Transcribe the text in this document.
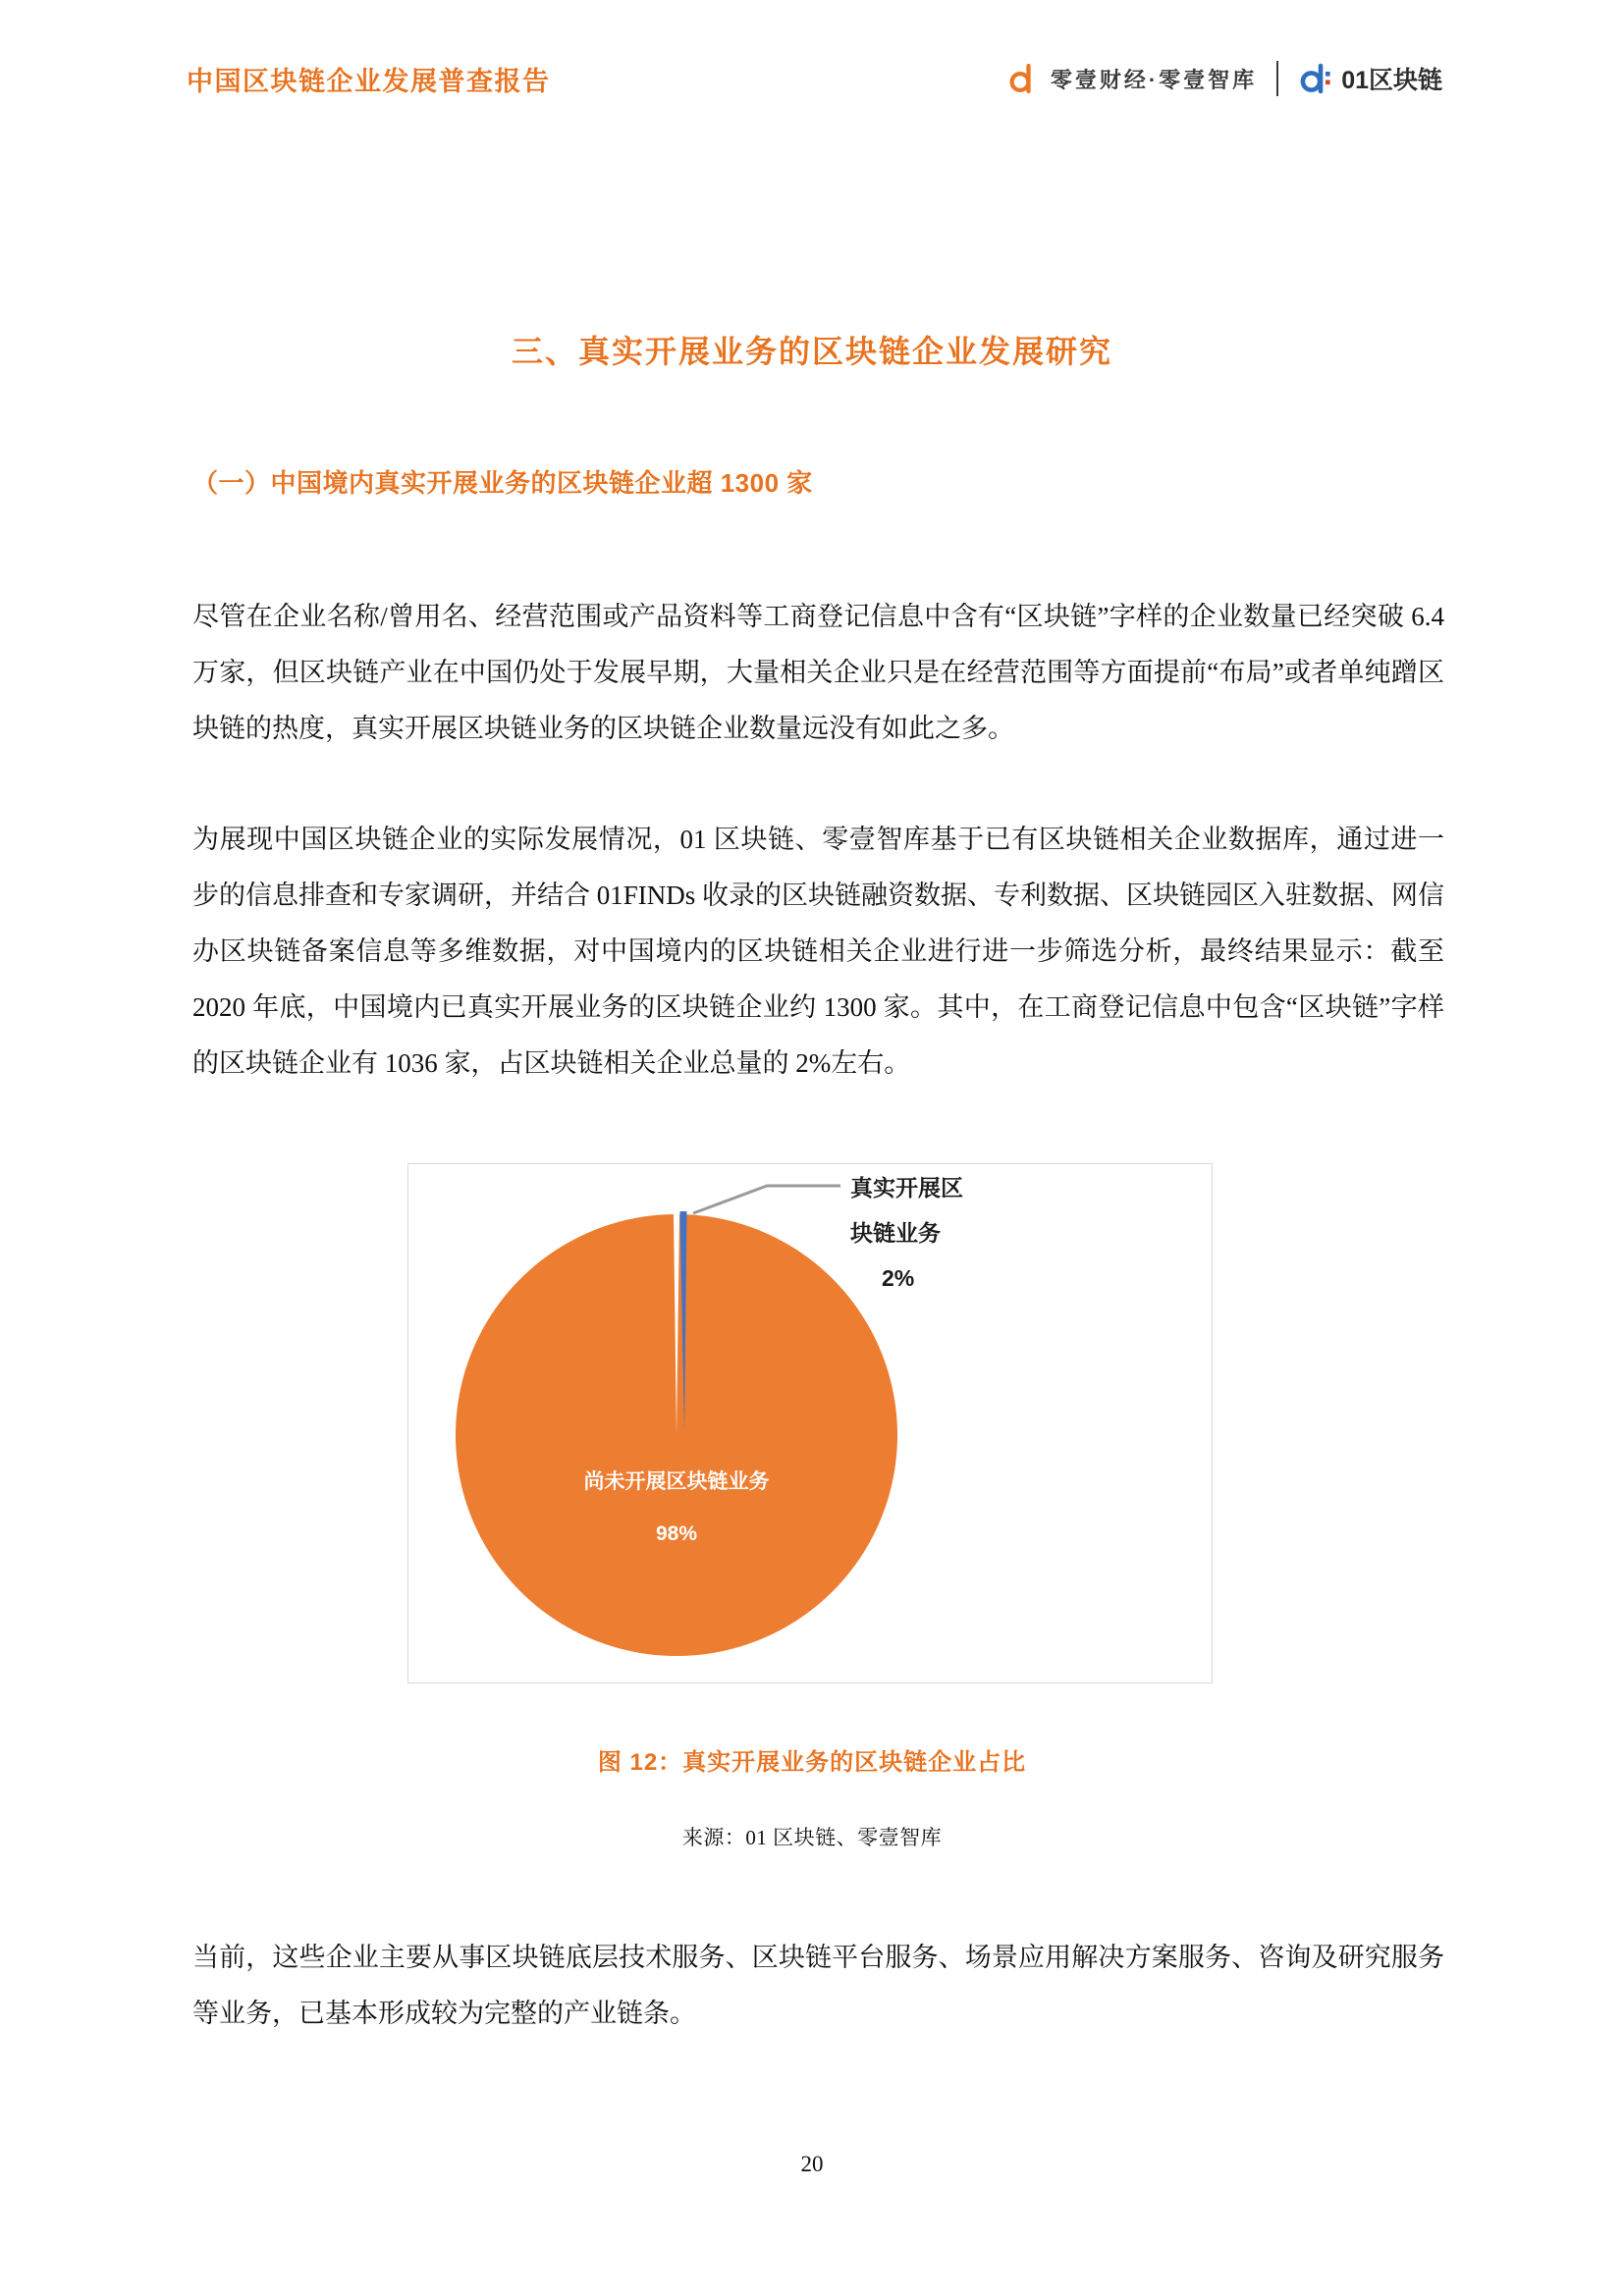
中国区块链企业发展普查报告	零壹财经·零壹智库	01区块链
三、真实开展业务的区块链企业发展研究
（一）中国境内真实开展业务的区块链企业超 1300 家

尽管在企业名称/曾用名、经营范围或产品资料等工商登记信息中含有“区块链”字样的企业数量已经突破 6.4 万家，但区块链产业在中国仍处于发展早期，大量相关企业只是在经营范围等方面提前“布局”或者单纯蹭区块链的热度，真实开展区块链业务的区块链企业数量远没有如此之多。

为展现中国区块链企业的实际发展情况，01 区块链、零壹智库基于已有区块链相关企业数据库，通过进一步的信息排查和专家调研，并结合 01FINDs 收录的区块链融资数据、专利数据、区块链园区入驻数据、网信办区块链备案信息等多维数据，对中国境内的区块链相关企业进行进一步筛选分析，最终结果显示：截至 2020 年底，中国境内已真实开展业务的区块链企业约 1300 家。其中，在工商登记信息中包含“区块链”字样的区块链企业有 1036 家，占区块链相关企业总量的 2%左右。

真实开展区
块链业务
2%
尚未开展区块链业务
98%
图 12：真实开展业务的区块链企业占比
来源：01 区块链、零壹智库

当前，这些企业主要从事区块链底层技术服务、区块链平台服务、场景应用解决方案服务、咨询及研究服务等业务，已基本形成较为完整的产业链条。

20
